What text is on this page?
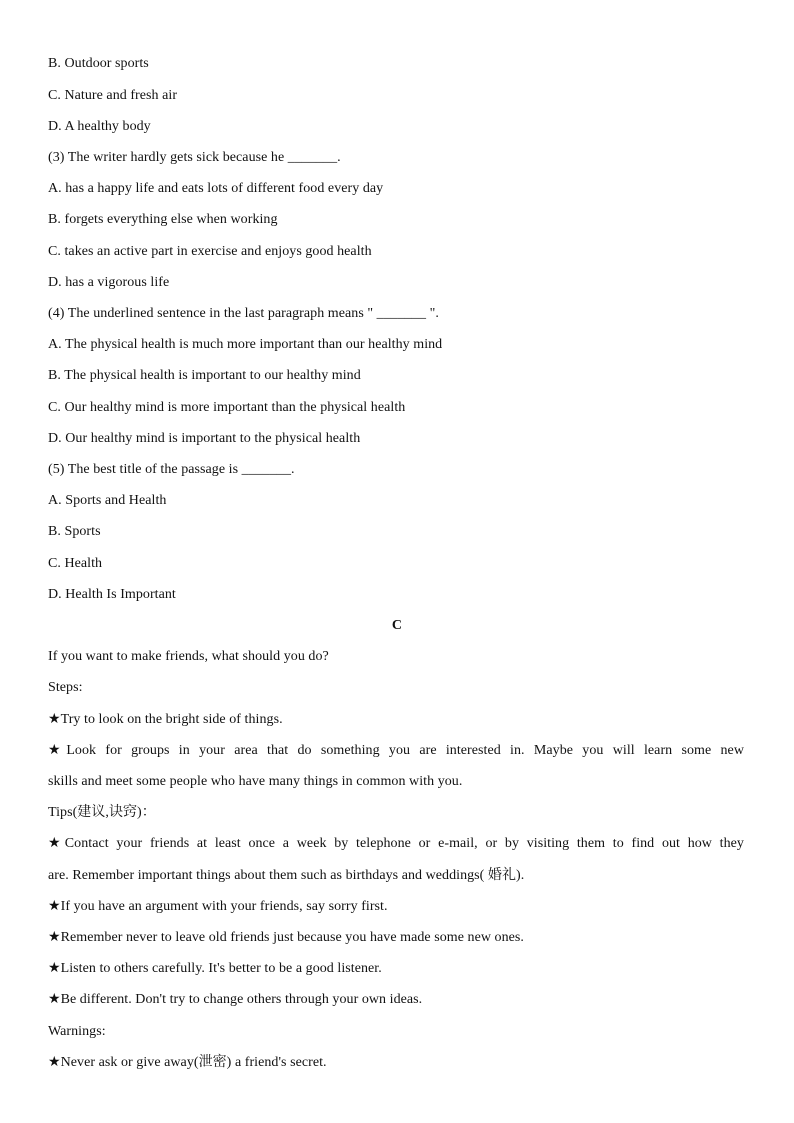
B. Outdoor sports
C. Nature and fresh air
D. A healthy body
(3) The writer hardly gets sick because he _______.
A. has a happy life and eats lots of different food every day
B. forgets everything else when working
C. takes an active part in exercise and enjoys good health
D. has a vigorous life
(4) The underlined sentence in the last paragraph means " _______ ".
A. The physical health is much more important than our healthy mind
B. The physical health is important to our healthy mind
C. Our healthy mind is more important than the physical health
D. Our healthy mind is important to the physical health
(5) The best title of the passage is _______.
A. Sports and Health
B. Sports
C. Health
D. Health Is Important
C
If you want to make friends, what should you do?
Steps:
★Try to look on the bright side of things.
★Look for groups in your area that do something you are interested in. Maybe you will learn some new
skills and meet some people who have many things in common with you.
Tips(建议,诀窍)：
★Contact your friends at least once a week by telephone or e-mail, or by visiting them to find out how they
are. Remember important things about them such as birthdays and weddings( 婚礼).
★If you have an argument with your friends, say sorry first.
★Remember never to leave old friends just because you have made some new ones.
★Listen to others carefully. It's better to be a good listener.
★Be different. Don't try to change others through your own ideas.
Warnings:
★Never ask or give away(泄密) a friend's secret.
